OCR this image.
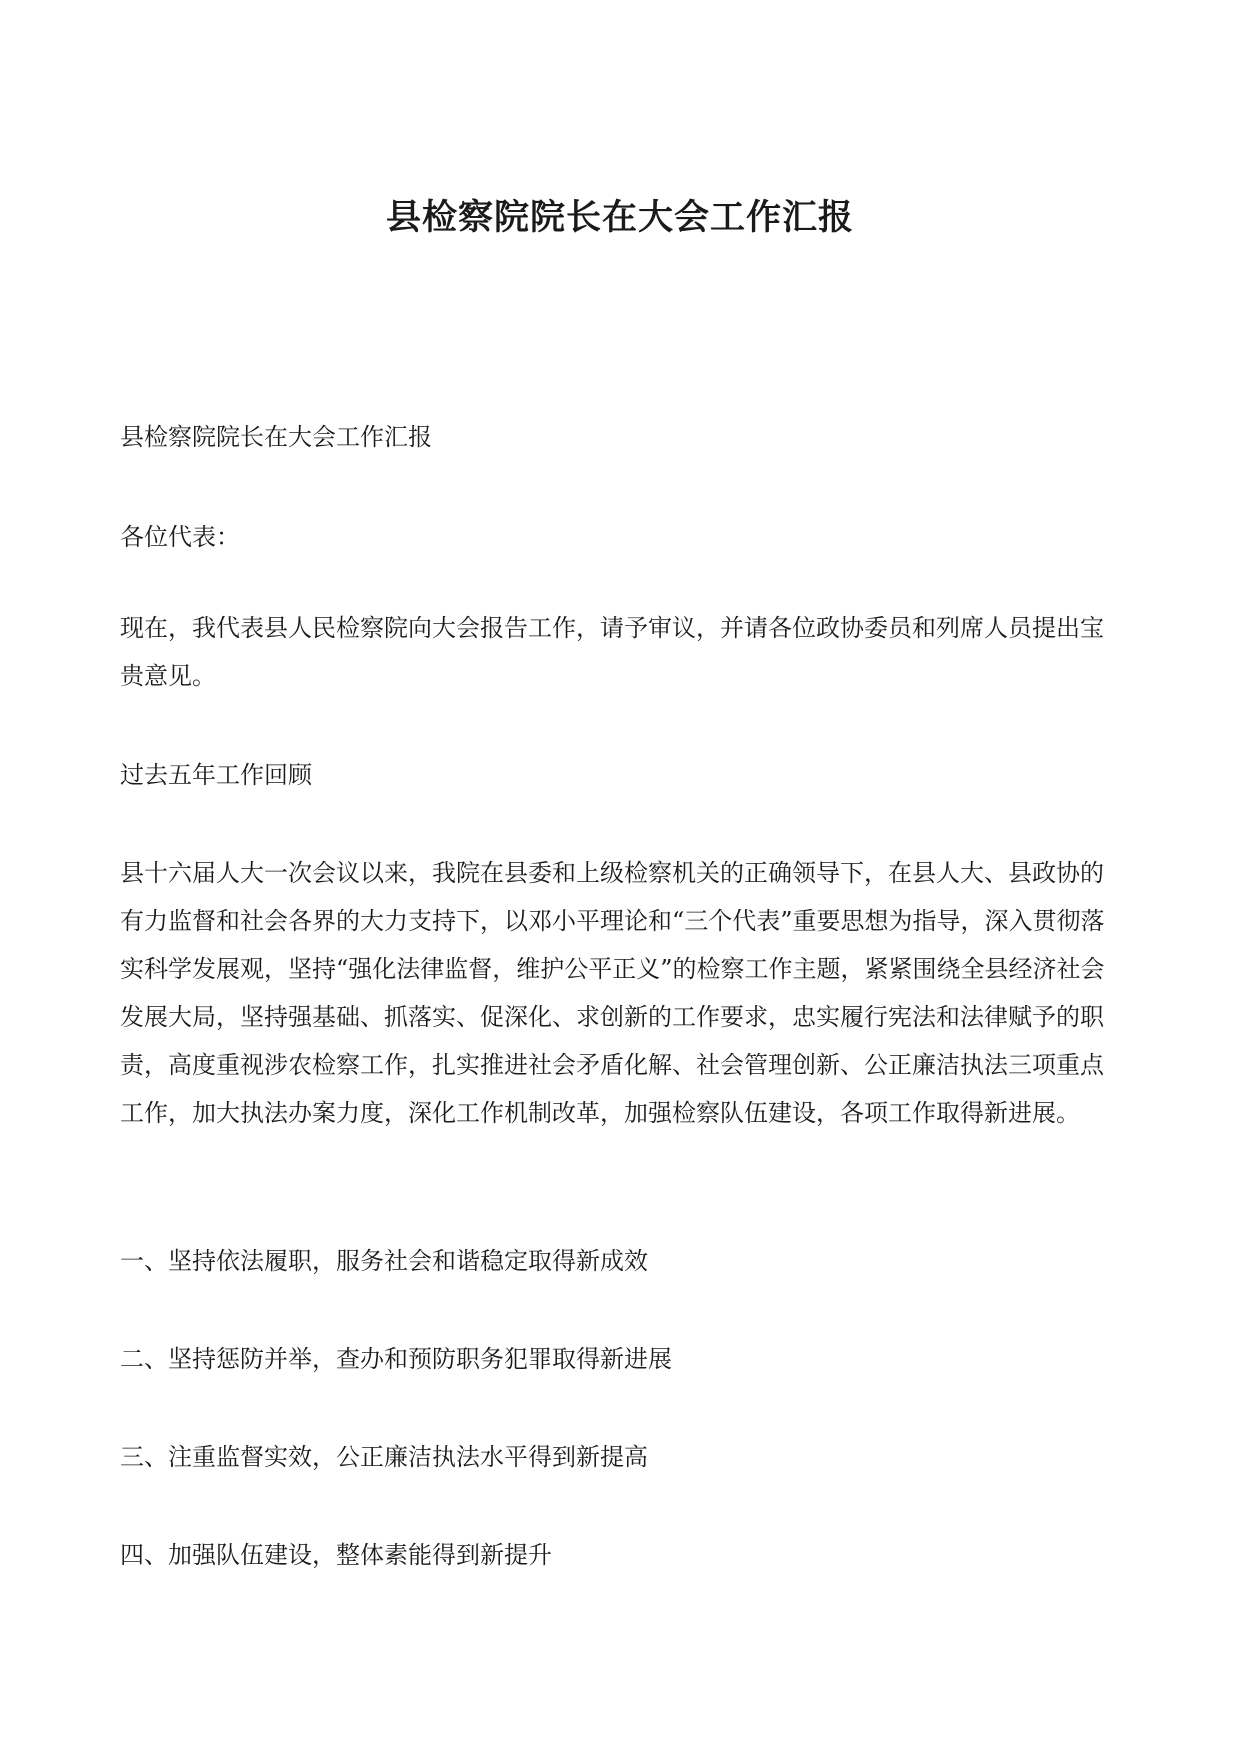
县检察院院长在大会工作汇报
县检察院院长在大会工作汇报
各位代表：
现在，我代表县人民检察院向大会报告工作，请予审议，并请各位政协委员和列席人员提出宝贵意见。
过去五年工作回顾
县十六届人大一次会议以来，我院在县委和上级检察机关的正确领导下，在县人大、县政协的有力监督和社会各界的大力支持下，以邓小平理论和“三个代表”重要思想为指导，深入贯彻落实科学发展观，坚持“强化法律监督，维护公平正义”的检察工作主题，紧紧围绕全县经济社会发展大局，坚持强基础、抓落实、促深化、求创新的工作要求，忠实履行宪法和法律赋予的职责，高度重视涉农检察工作，扎实推进社会矛盾化解、社会管理创新、公正廉洁执法三项重点工作，加大执法办案力度，深化工作机制改革，加强检察队伍建设，各项工作取得新进展。
一、坚持依法履职，服务社会和谐稳定取得新成效
二、坚持惩防并举，查办和预防职务犯罪取得新进展
三、注重监督实效，公正廉洁执法水平得到新提高
四、加强队伍建设，整体素能得到新提升
